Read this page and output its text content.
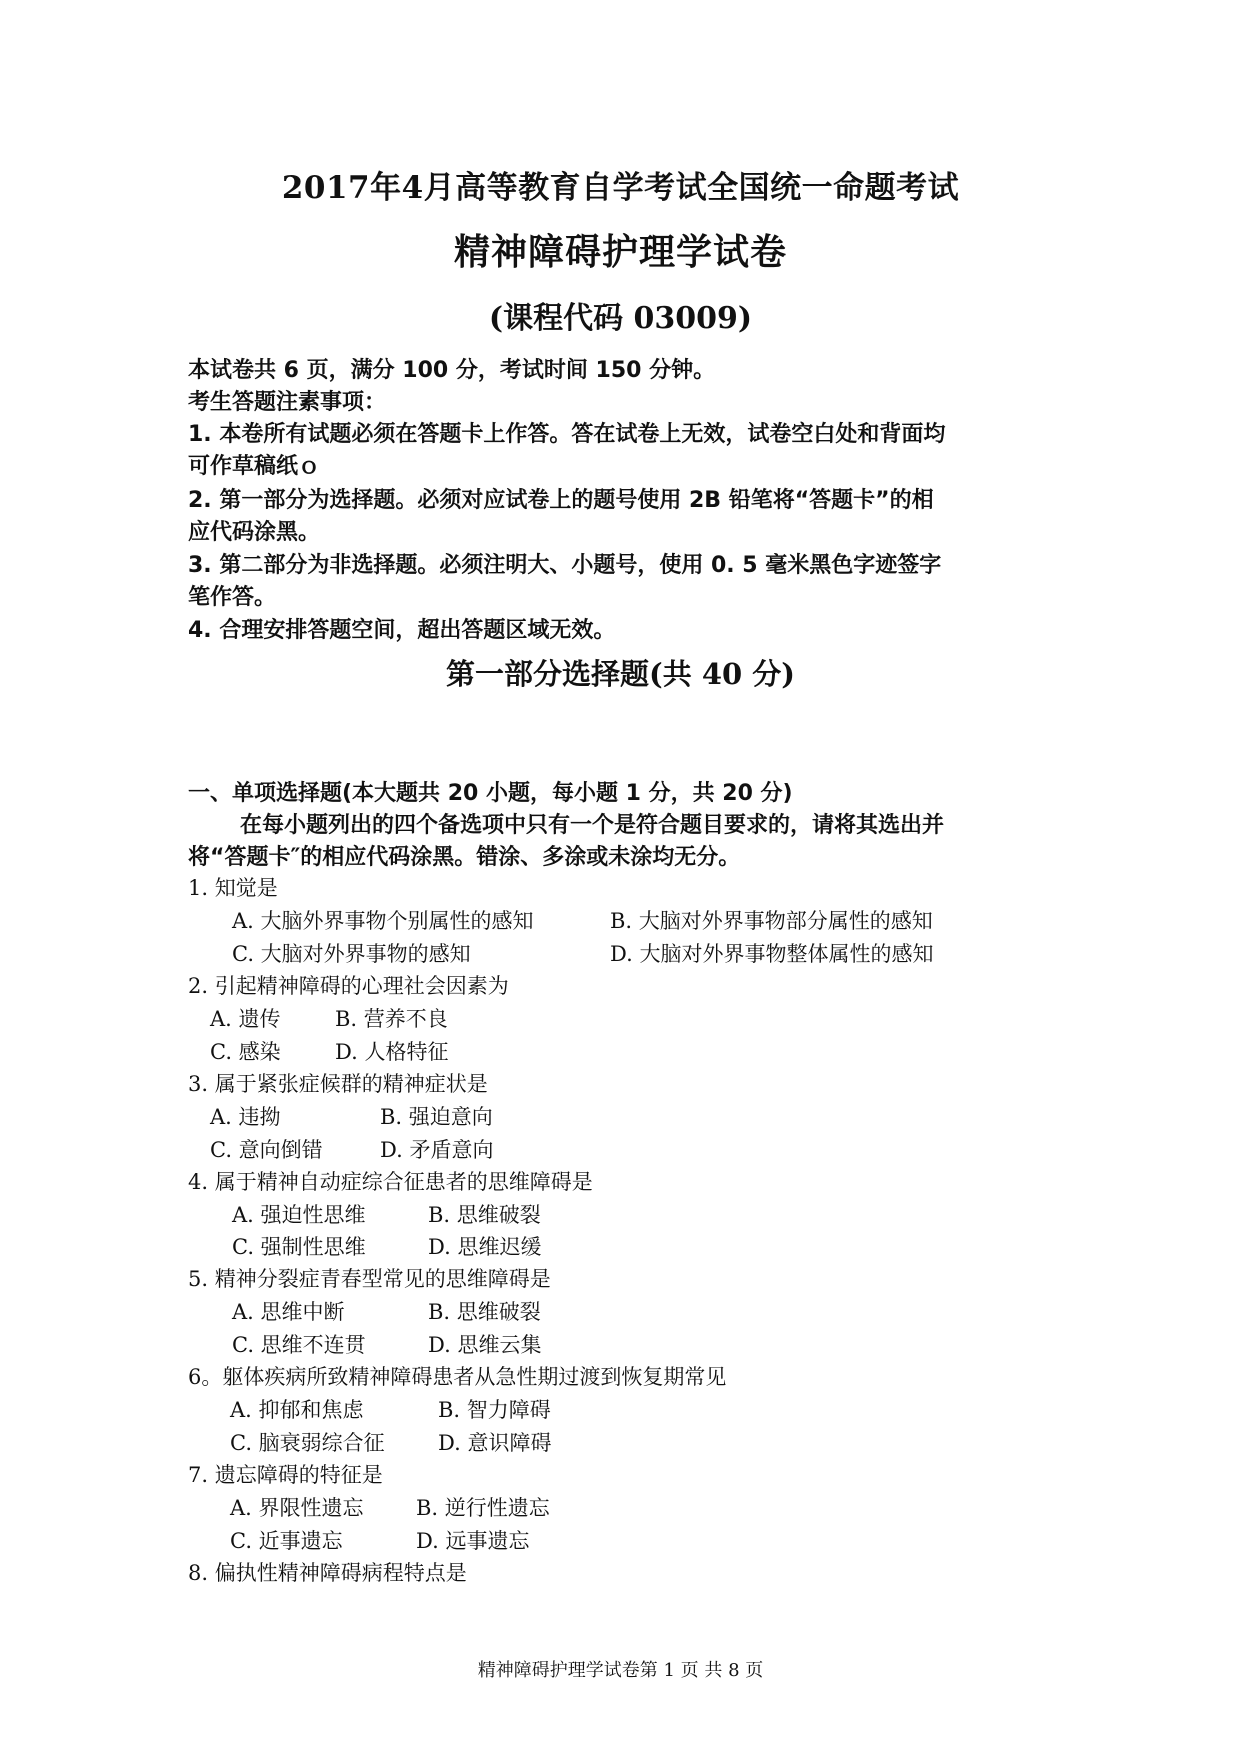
2017年4月高等教育自学考试全国统一命题考试
精神障碍护理学试卷
(课程代码 03009)
本试卷共 6 页，满分 100 分，考试时间 150 分钟。
考生答题注素事项：
1. 本卷所有试题必须在答题卡上作答。答在试卷上无效，试卷空白处和背面均
可作草稿纸ｏ
2. 第一部分为选择题。必须对应试卷上的题号使用 2B 铅笔将“答题卡”的相
应代码涂黑。
3. 第二部分为非选择题。必须注明大、小题号，使用 0. 5 毫米黑色字迹签字
笔作答。
4. 合理安排答题空间，超出答题区域无效。
第一部分选择题(共 40 分)
一、单项选择题(本大题共 20 小题，每小题 1 分，共 20 分)
在每小题列出的四个备选项中只有一个是符合题目要求的，请将其选出并
将“答题卡″的相应代码涂黑。错涂、多涂或未涂均无分。
1. 知觉是
A. 大脑外界事物个别属性的感知	B. 大脑对外界事物部分属性的感知
C. 大脑对外界事物的感知	D. 大脑对外界事物整体属性的感知
2. 引起精神障碍的心理社会因素为
A. 遗传	B. 营养不良
C. 感染	D. 人格特征
3. 属于紧张症候群的精神症状是
A. 违拗	B. 强迫意向
C. 意向倒错	D. 矛盾意向
4. 属于精神自动症综合征患者的思维障碍是
A. 强迫性思维	B. 思维破裂
C. 强制性思维	D. 思维迟缓
5. 精神分裂症青春型常见的思维障碍是
A. 思维中断	B. 思维破裂
C. 思维不连贯	D. 思维云集
6。躯体疾病所致精神障碍患者从急性期过渡到恢复期常见
A. 抑郁和焦虑	B. 智力障碍
C. 脑衰弱综合征	D. 意识障碍
7. 遗忘障碍的特征是
A. 界限性遗忘 B. 逆行性遗忘
C. 近事遗忘	D. 远事遗忘
8. 偏执性精神障碍病程特点是
精神障碍护理学试卷第 1 页 共 8 页
